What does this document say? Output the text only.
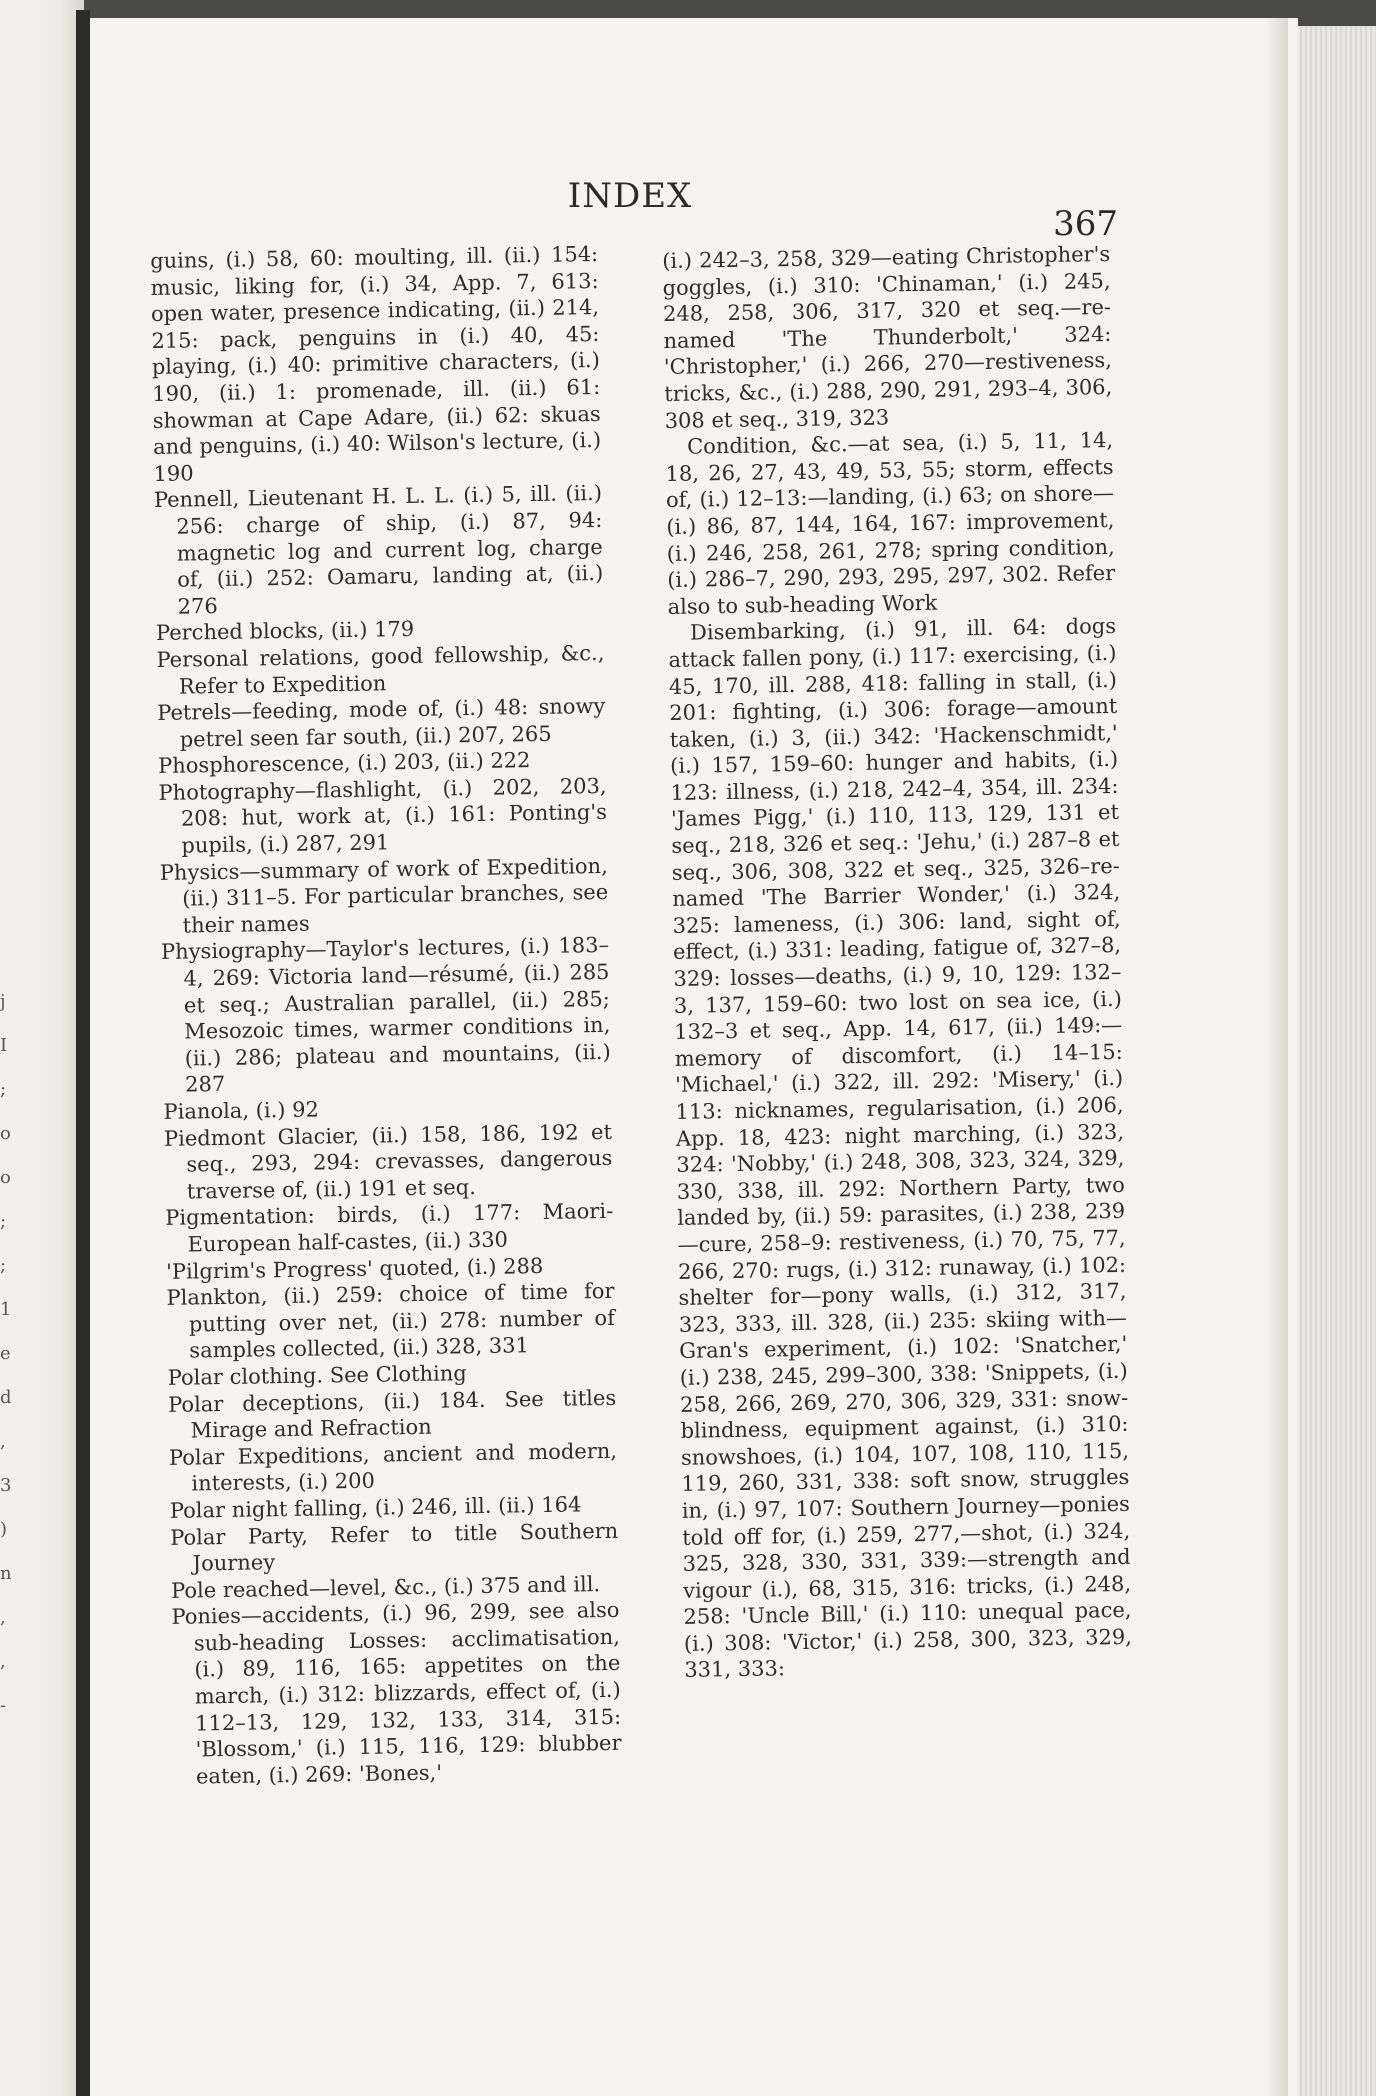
j
I
;
o
o
;
;
1
e
d
,
3
)
n
,
,
-
INDEX
367

guins, (i.) 58, 60: moulting, ill. (ii.) 154: music, liking for, (i.) 34, App. 7, 613: open water, presence indicating, (ii.) 214, 215: pack, penguins in (i.) 40, 45: playing, (i.) 40: primitive characters, (i.) 190, (ii.) 1: promenade, ill. (ii.) 61: showman at Cape Adare, (ii.) 62: skuas and penguins, (i.) 40: Wilson's lecture, (i.) 190

Pennell, Lieutenant H. L. L. (i.) 5, ill. (ii.) 256: charge of ship, (i.) 87, 94: magnetic log and current log, charge of, (ii.) 252: Oamaru, landing at, (ii.) 276

Perched blocks, (ii.) 179

Personal relations, good fellowship, &c., Refer to Expedition

Petrels—feeding, mode of, (i.) 48: snowy petrel seen far south, (ii.) 207, 265

Phosphorescence, (i.) 203, (ii.) 222

Photography—flashlight, (i.) 202, 203, 208: hut, work at, (i.) 161: Ponting's pupils, (i.) 287, 291

Physics—summary of work of Expedition, (ii.) 311–5. For particular branches, see their names

Physiography—Taylor's lectures, (i.) 183–4, 269: Victoria land—résumé, (ii.) 285 et seq.; Australian parallel, (ii.) 285; Mesozoic times, warmer conditions in, (ii.) 286; plateau and mountains, (ii.) 287

Pianola, (i.) 92

Piedmont Glacier, (ii.) 158, 186, 192 et seq., 293, 294: crevasses, dangerous traverse of, (ii.) 191 et seq.

Pigmentation: birds, (i.) 177: Maori-European half-castes, (ii.) 330

'Pilgrim's Progress' quoted, (i.) 288

Plankton, (ii.) 259: choice of time for putting over net, (ii.) 278: number of samples collected, (ii.) 328, 331

Polar clothing. See Clothing

Polar deceptions, (ii.) 184. See titles Mirage and Refraction

Polar Expeditions, ancient and modern, interests, (i.) 200

Polar night falling, (i.) 246, ill. (ii.) 164

Polar Party, Refer to title Southern Journey

Pole reached—level, &c., (i.) 375 and ill.

Ponies—accidents, (i.) 96, 299, see also sub-heading Losses: acclimatisation, (i.) 89, 116, 165: appetites on the march, (i.) 312: blizzards, effect of, (i.) 112–13, 129, 132, 133, 314, 315: 'Blossom,' (i.) 115, 116, 129: blubber eaten, (i.) 269: 'Bones,'

(i.) 242–3, 258, 329—eating Christopher's goggles, (i.) 310: 'Chinaman,' (i.) 245, 248, 258, 306, 317, 320 et seq.—re-named 'The Thunderbolt,' 324: 'Christopher,' (i.) 266, 270—restiveness, tricks, &c., (i.) 288, 290, 291, 293–4, 306, 308 et seq., 319, 323

Condition, &c.—at sea, (i.) 5, 11, 14, 18, 26, 27, 43, 49, 53, 55; storm, effects of, (i.) 12–13:—landing, (i.) 63; on shore—(i.) 86, 87, 144, 164, 167: improvement, (i.) 246, 258, 261, 278; spring condition, (i.) 286–7, 290, 293, 295, 297, 302. Refer also to sub-heading Work

Disembarking, (i.) 91, ill. 64: dogs attack fallen pony, (i.) 117: exercising, (i.) 45, 170, ill. 288, 418: falling in stall, (i.) 201: fighting, (i.) 306: forage—amount taken, (i.) 3, (ii.) 342: 'Hackenschmidt,' (i.) 157, 159–60: hunger and habits, (i.) 123: illness, (i.) 218, 242–4, 354, ill. 234: 'James Pigg,' (i.) 110, 113, 129, 131 et seq., 218, 326 et seq.: 'Jehu,' (i.) 287–8 et seq., 306, 308, 322 et seq., 325, 326–re-named 'The Barrier Wonder,' (i.) 324, 325: lameness, (i.) 306: land, sight of, effect, (i.) 331: leading, fatigue of, 327–8, 329: losses—deaths, (i.) 9, 10, 129: 132–3, 137, 159–60: two lost on sea ice, (i.) 132–3 et seq., App. 14, 617, (ii.) 149:—memory of discomfort, (i.) 14–15: 'Michael,' (i.) 322, ill. 292: 'Misery,' (i.) 113: nicknames, regularisation, (i.) 206, App. 18, 423: night marching, (i.) 323, 324: 'Nobby,' (i.) 248, 308, 323, 324, 329, 330, 338, ill. 292: Northern Party, two landed by, (ii.) 59: parasites, (i.) 238, 239—cure, 258–9: restiveness, (i.) 70, 75, 77, 266, 270: rugs, (i.) 312: runaway, (i.) 102: shelter for—pony walls, (i.) 312, 317, 323, 333, ill. 328, (ii.) 235: skiing with—Gran's experiment, (i.) 102: 'Snatcher,' (i.) 238, 245, 299–300, 338: 'Snippets, (i.) 258, 266, 269, 270, 306, 329, 331: snow-blindness, equipment against, (i.) 310: snowshoes, (i.) 104, 107, 108, 110, 115, 119, 260, 331, 338: soft snow, struggles in, (i.) 97, 107: Southern Journey—ponies told off for, (i.) 259, 277,—shot, (i.) 324, 325, 328, 330, 331, 339:—strength and vigour (i.), 68, 315, 316: tricks, (i.) 248, 258: 'Uncle Bill,' (i.) 110: unequal pace, (i.) 308: 'Victor,' (i.) 258, 300, 323, 329, 331, 333:
